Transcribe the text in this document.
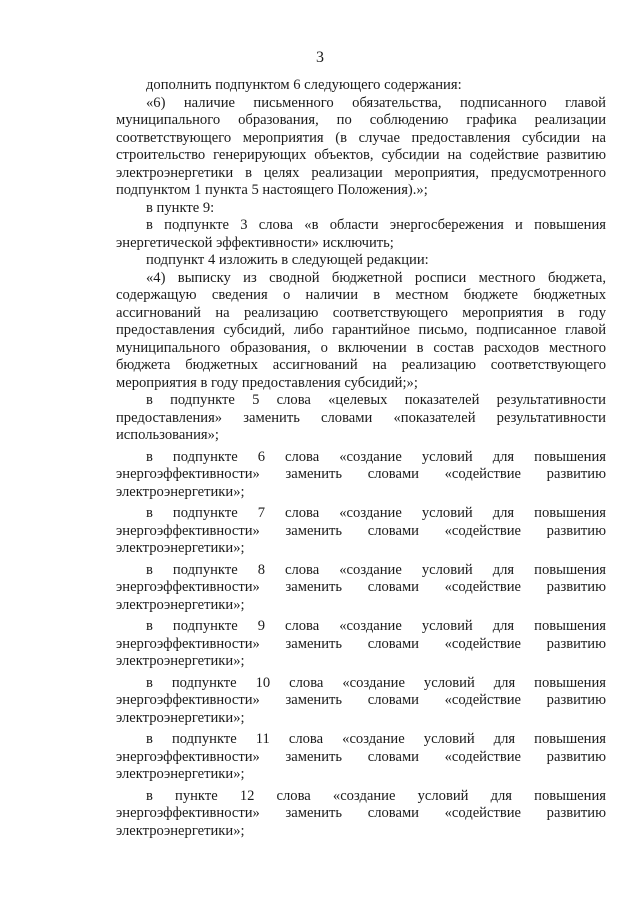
3

дополнить подпунктом 6 следующего содержания:

«6) наличие письменного обязательства, подписанного главой муниципального образования, по соблюдению графика реализации соответствующего мероприятия (в случае предоставления субсидии на строительство генерирующих объектов, субсидии на содействие развитию электроэнергетики в целях реализации мероприятия, предусмотренного подпунктом 1 пункта 5 настоящего Положения).»;

в пункте 9:

в подпункте 3 слова «в области энергосбережения и повышения энергетической эффективности» исключить;

подпункт 4 изложить в следующей редакции:

«4) выписку из сводной бюджетной росписи местного бюджета, содержащую сведения о наличии в местном бюджете бюджетных ассигнований на реализацию соответствующего мероприятия в году предоставления субсидий, либо гарантийное письмо, подписанное главой муниципального образования, о включении в состав расходов местного бюджета бюджетных ассигнований на реализацию соответствующего мероприятия в году предоставления субсидий;»;

в подпункте 5 слова «целевых показателей результативности предоставления» заменить словами «показателей результативности использования»;

в подпункте 6 слова «создание условий для повышения энергоэффективности» заменить словами «содействие развитию электроэнергетики»;

в подпункте 7 слова «создание условий для повышения энергоэффективности» заменить словами «содействие развитию электроэнергетики»;

в подпункте 8 слова «создание условий для повышения энергоэффективности» заменить словами «содействие развитию электроэнергетики»;

в подпункте 9 слова «создание условий для повышения энергоэффективности» заменить словами «содействие развитию электроэнергетики»;

в подпункте 10 слова «создание условий для повышения энергоэффективности» заменить словами «содействие развитию электроэнергетики»;

в подпункте 11 слова «создание условий для повышения энергоэффективности» заменить словами «содействие развитию электроэнергетики»;

в пункте 12 слова «создание условий для повышения энергоэффективности» заменить словами «содействие развитию электроэнергетики»;
